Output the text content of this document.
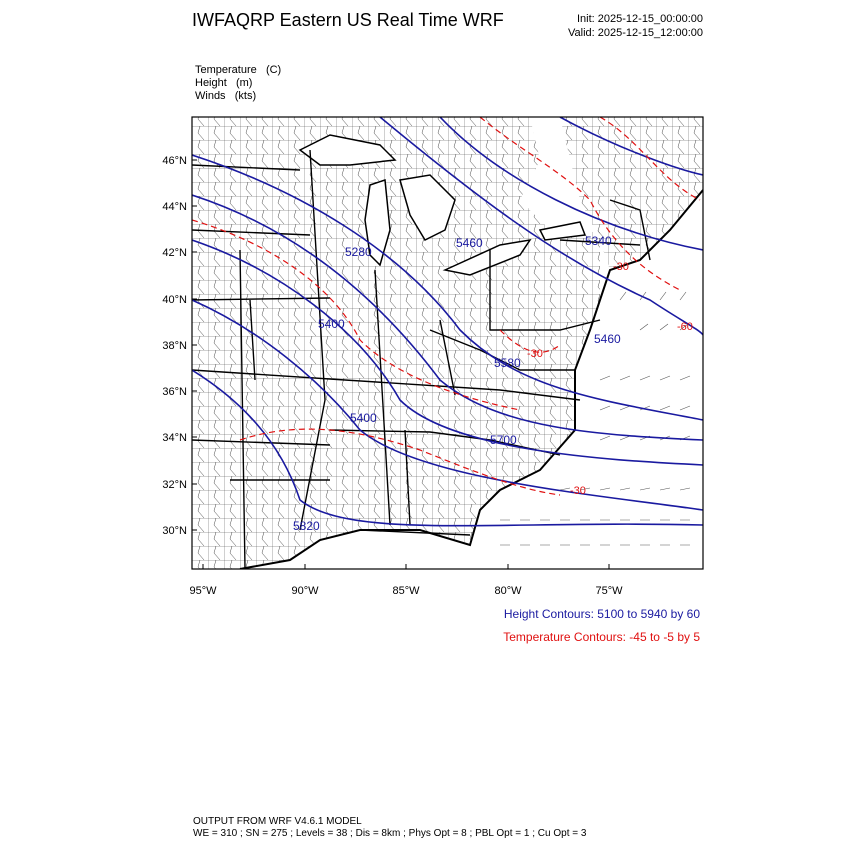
IWFAQRP Eastern US Real Time WRF	Init: 2025-12-15_00:00:00
Valid: 2025-12-15_12:00:00
Temperature (C)
Height (m)
Winds (kts)
5280
5460	5340
5400
5460
5580
5400
5700
5820
-30
-30
-60
-30
46°N
44°N
42°N
40°N
38°N
36°N
34°N
32°N
30°N
95°W	90°W	85°W	80°W	75°W
Height Contours: 5100 to 5940 by 60
Temperature Contours: -45 to -5 by 5
OUTPUT FROM WRF V4.6.1 MODEL
WE = 310 ; SN = 275 ; Levels = 38 ; Dis = 8km ; Phys Opt = 8 ; PBL Opt = 1 ; Cu Opt = 3
